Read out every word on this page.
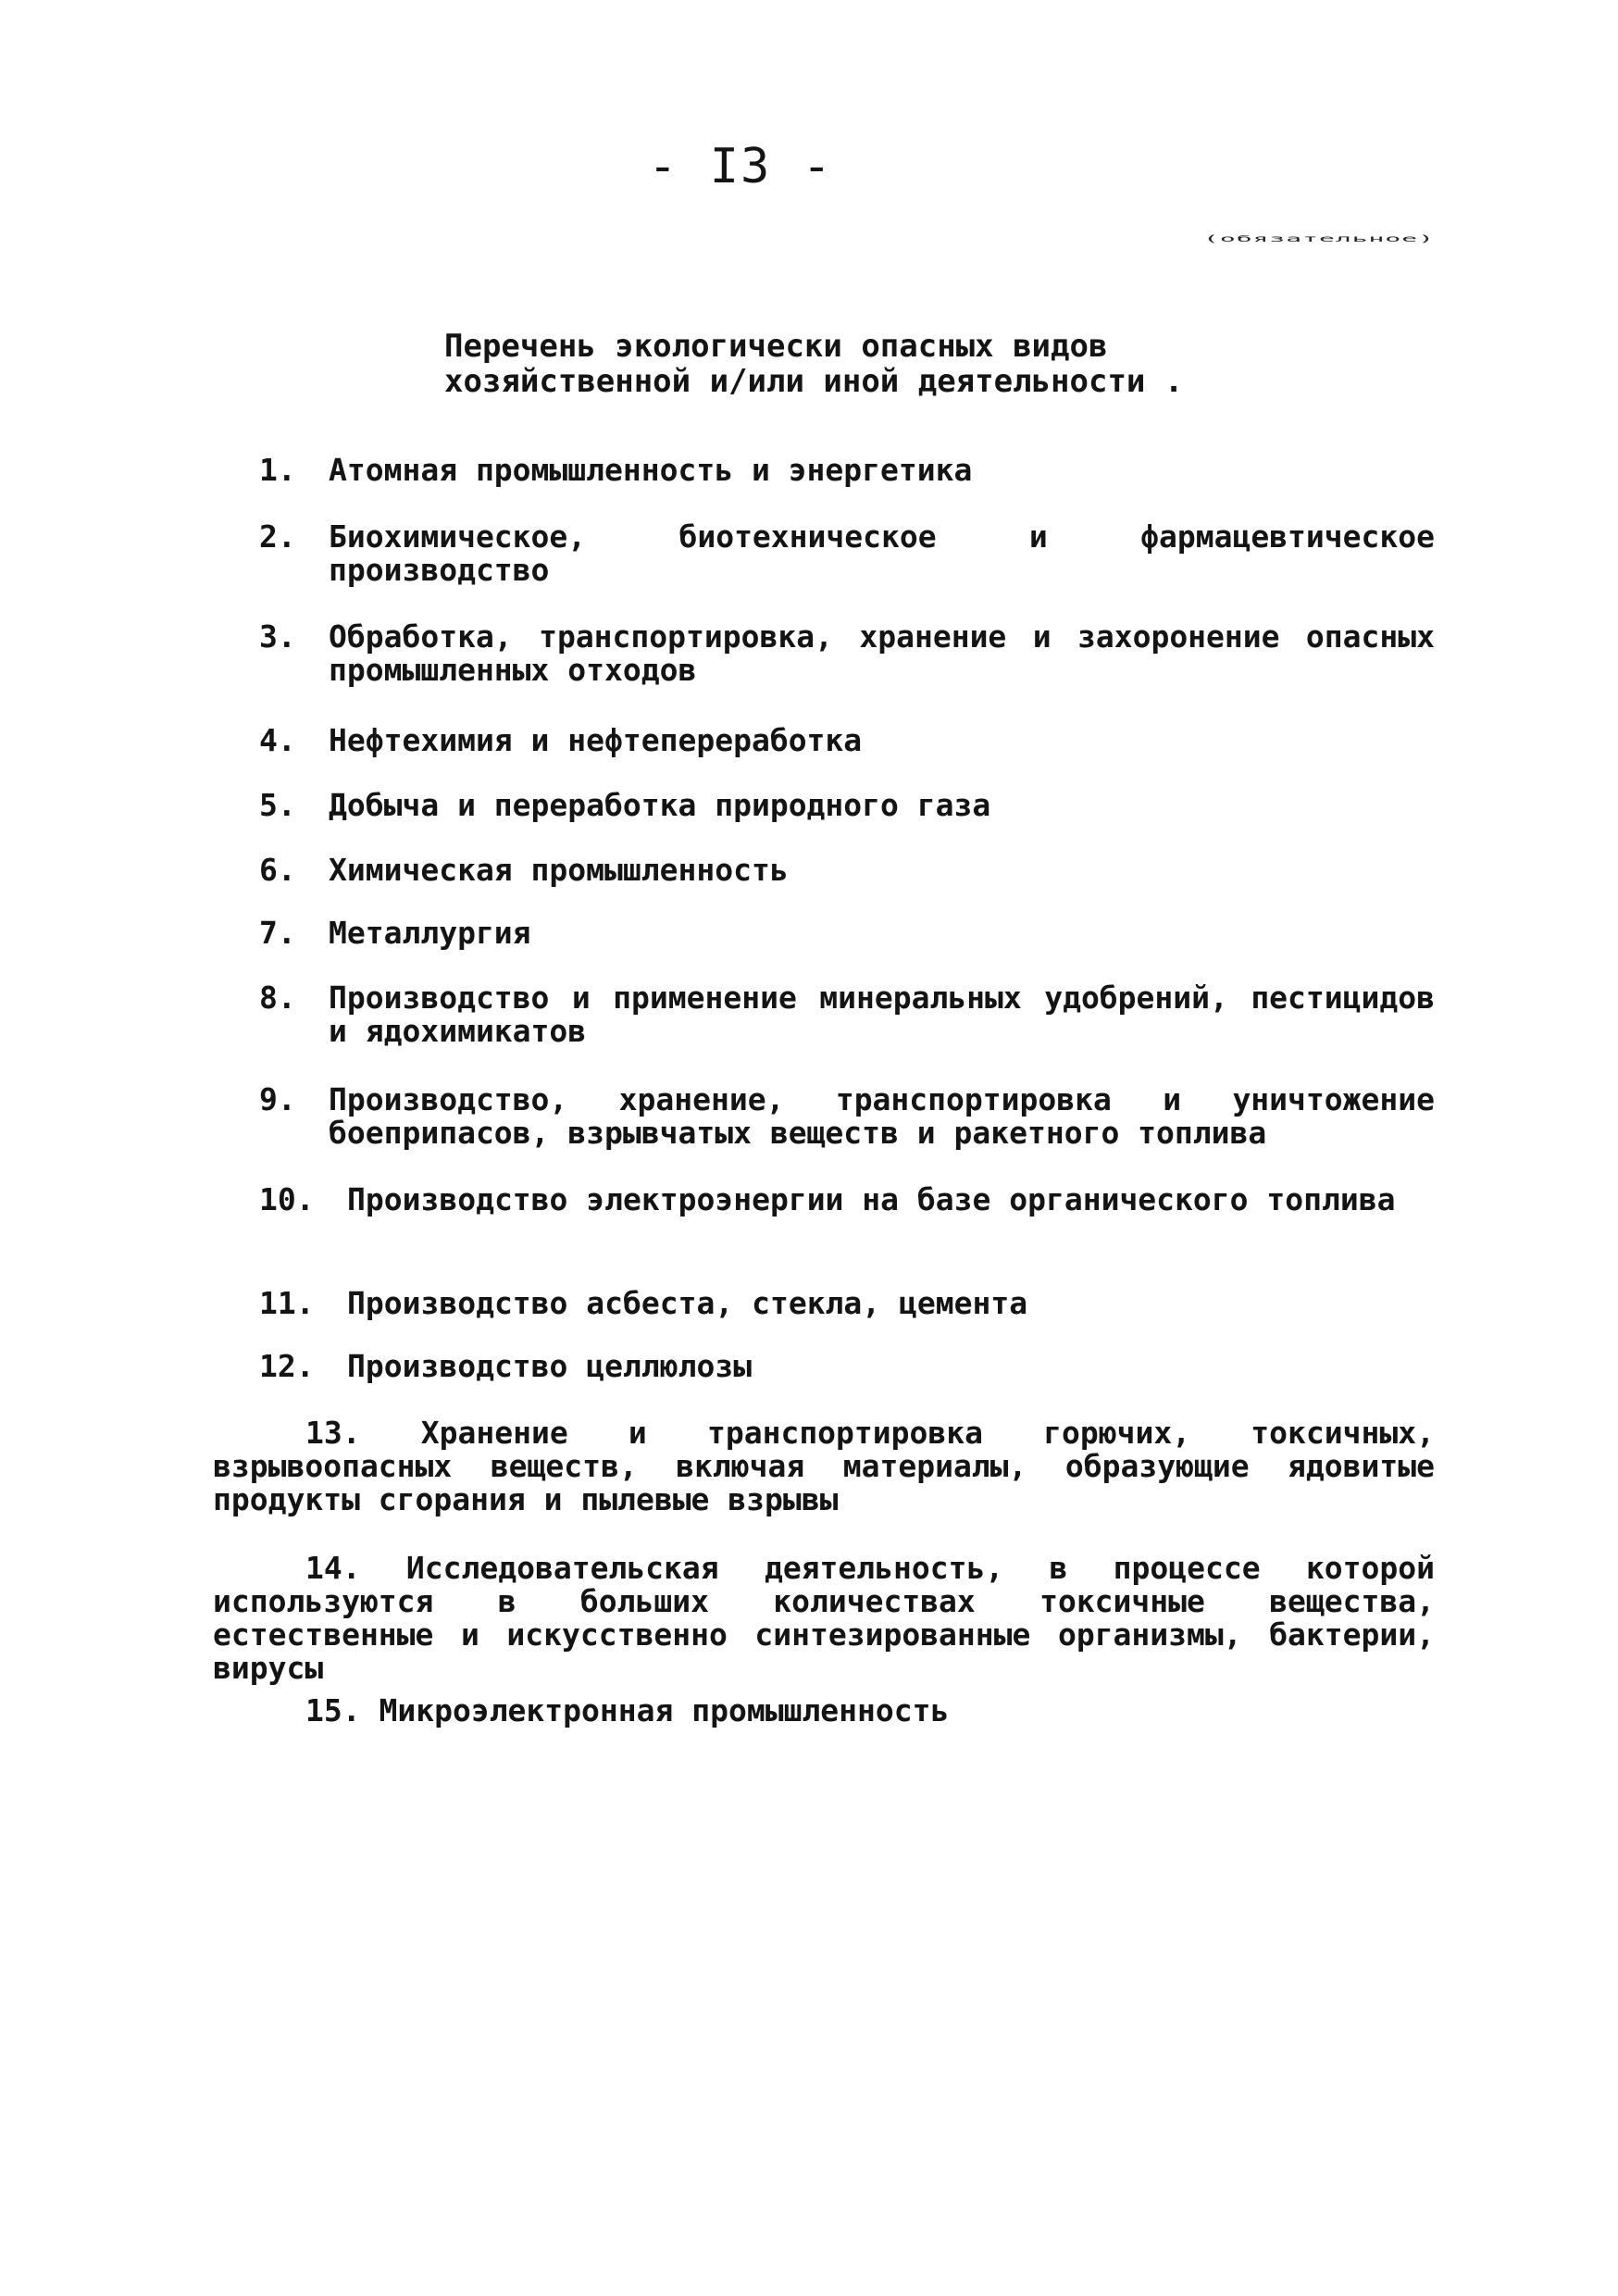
- I3 -
(обязательное)
Перечень экологически опасных видов
хозяйственной и/или иной деятельности .
1. Атомная промышленность и энергетика
2. Биохимическое, биотехническое и фармацевтическое производство
3. Обработка, транспортировка, хранение и захоронение опасных промышленных отходов
4. Нефтехимия и нефтепереработка
5. Добыча и переработка природного газа
6. Химическая промышленность
7. Металлургия
8. Производство и применение минеральных удобрений, пестицидов и ядохимикатов
9. Производство, хранение, транспортировка и уничтожение боеприпасов, взрывчатых веществ и ракетного топлива
10. Производство электроэнергии на базе органического топлива
11. Производство асбеста, стекла, цемента
12. Производство целлюлозы
13. Хранение и транспортировка горючих, токсичных, взрывоопасных веществ, включая материалы, образующие ядовитые продукты сгорания и пылевые взрывы
14. Исследовательская деятельность, в процессе которой используются в больших количествах токсичные вещества, естественные и искусственно синтезированные организмы, бактерии, вирусы
15. Микроэлектронная промышленность
